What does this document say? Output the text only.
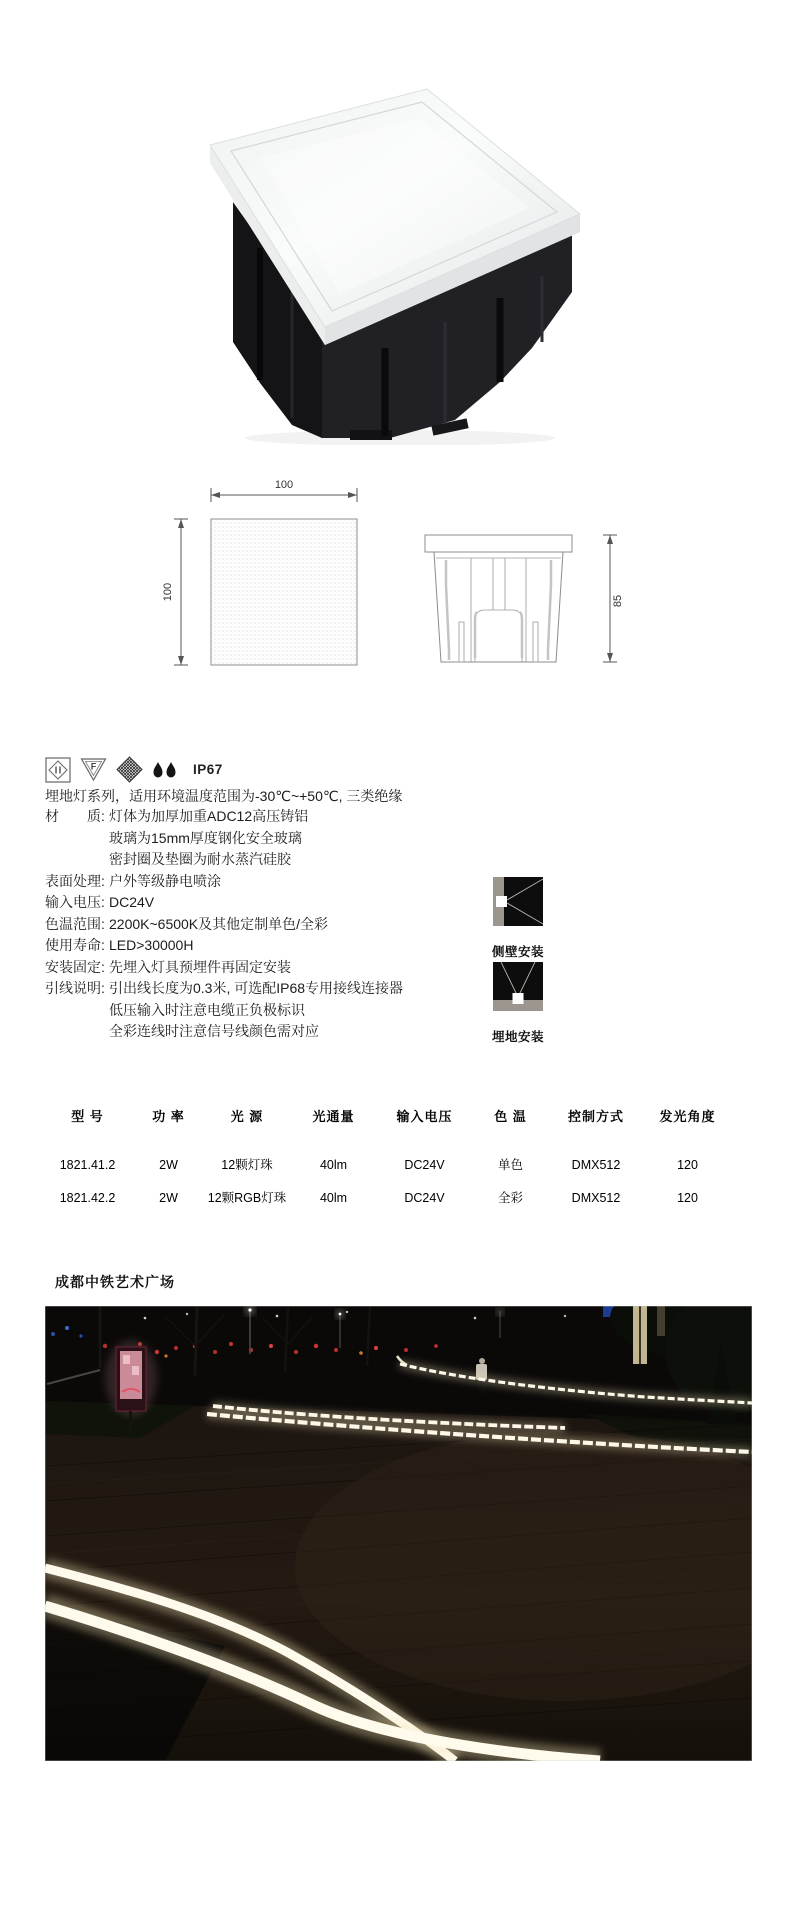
100
100	85
F	IP67
埋地灯系列，适用环境温度范围为-30℃~+50℃, 三类绝缘
材　　质: 灯体为加厚加重ADC12高压铸铝
玻璃为15mm厚度钢化安全玻璃
密封圈及垫圈为耐水蒸汽硅胶
表面处理: 户外等级静电喷涂
输入电压: DC24V
色温范围: 2200K~6500K及其他定制单色/全彩
使用寿命: LED>30000H
安装固定: 先埋入灯具预埋件再固定安装
引线说明: 引出线长度为0.3米, 可选配IP68专用接线连接器
低压输入时注意电缆正负极标识
全彩连线时注意信号线颜色需对应
侧壁安装
埋地安装
型 号	功 率	光 源	光通量	输入电压	色 温	控制方式	发光角度
1821.41.2	2W	12颗灯珠	40lm	DC24V	单色	DMX512	120
1821.42.2	2W	12颗RGB灯珠	40lm	DC24V	全彩	DMX512	120
成都中铁艺术广场
